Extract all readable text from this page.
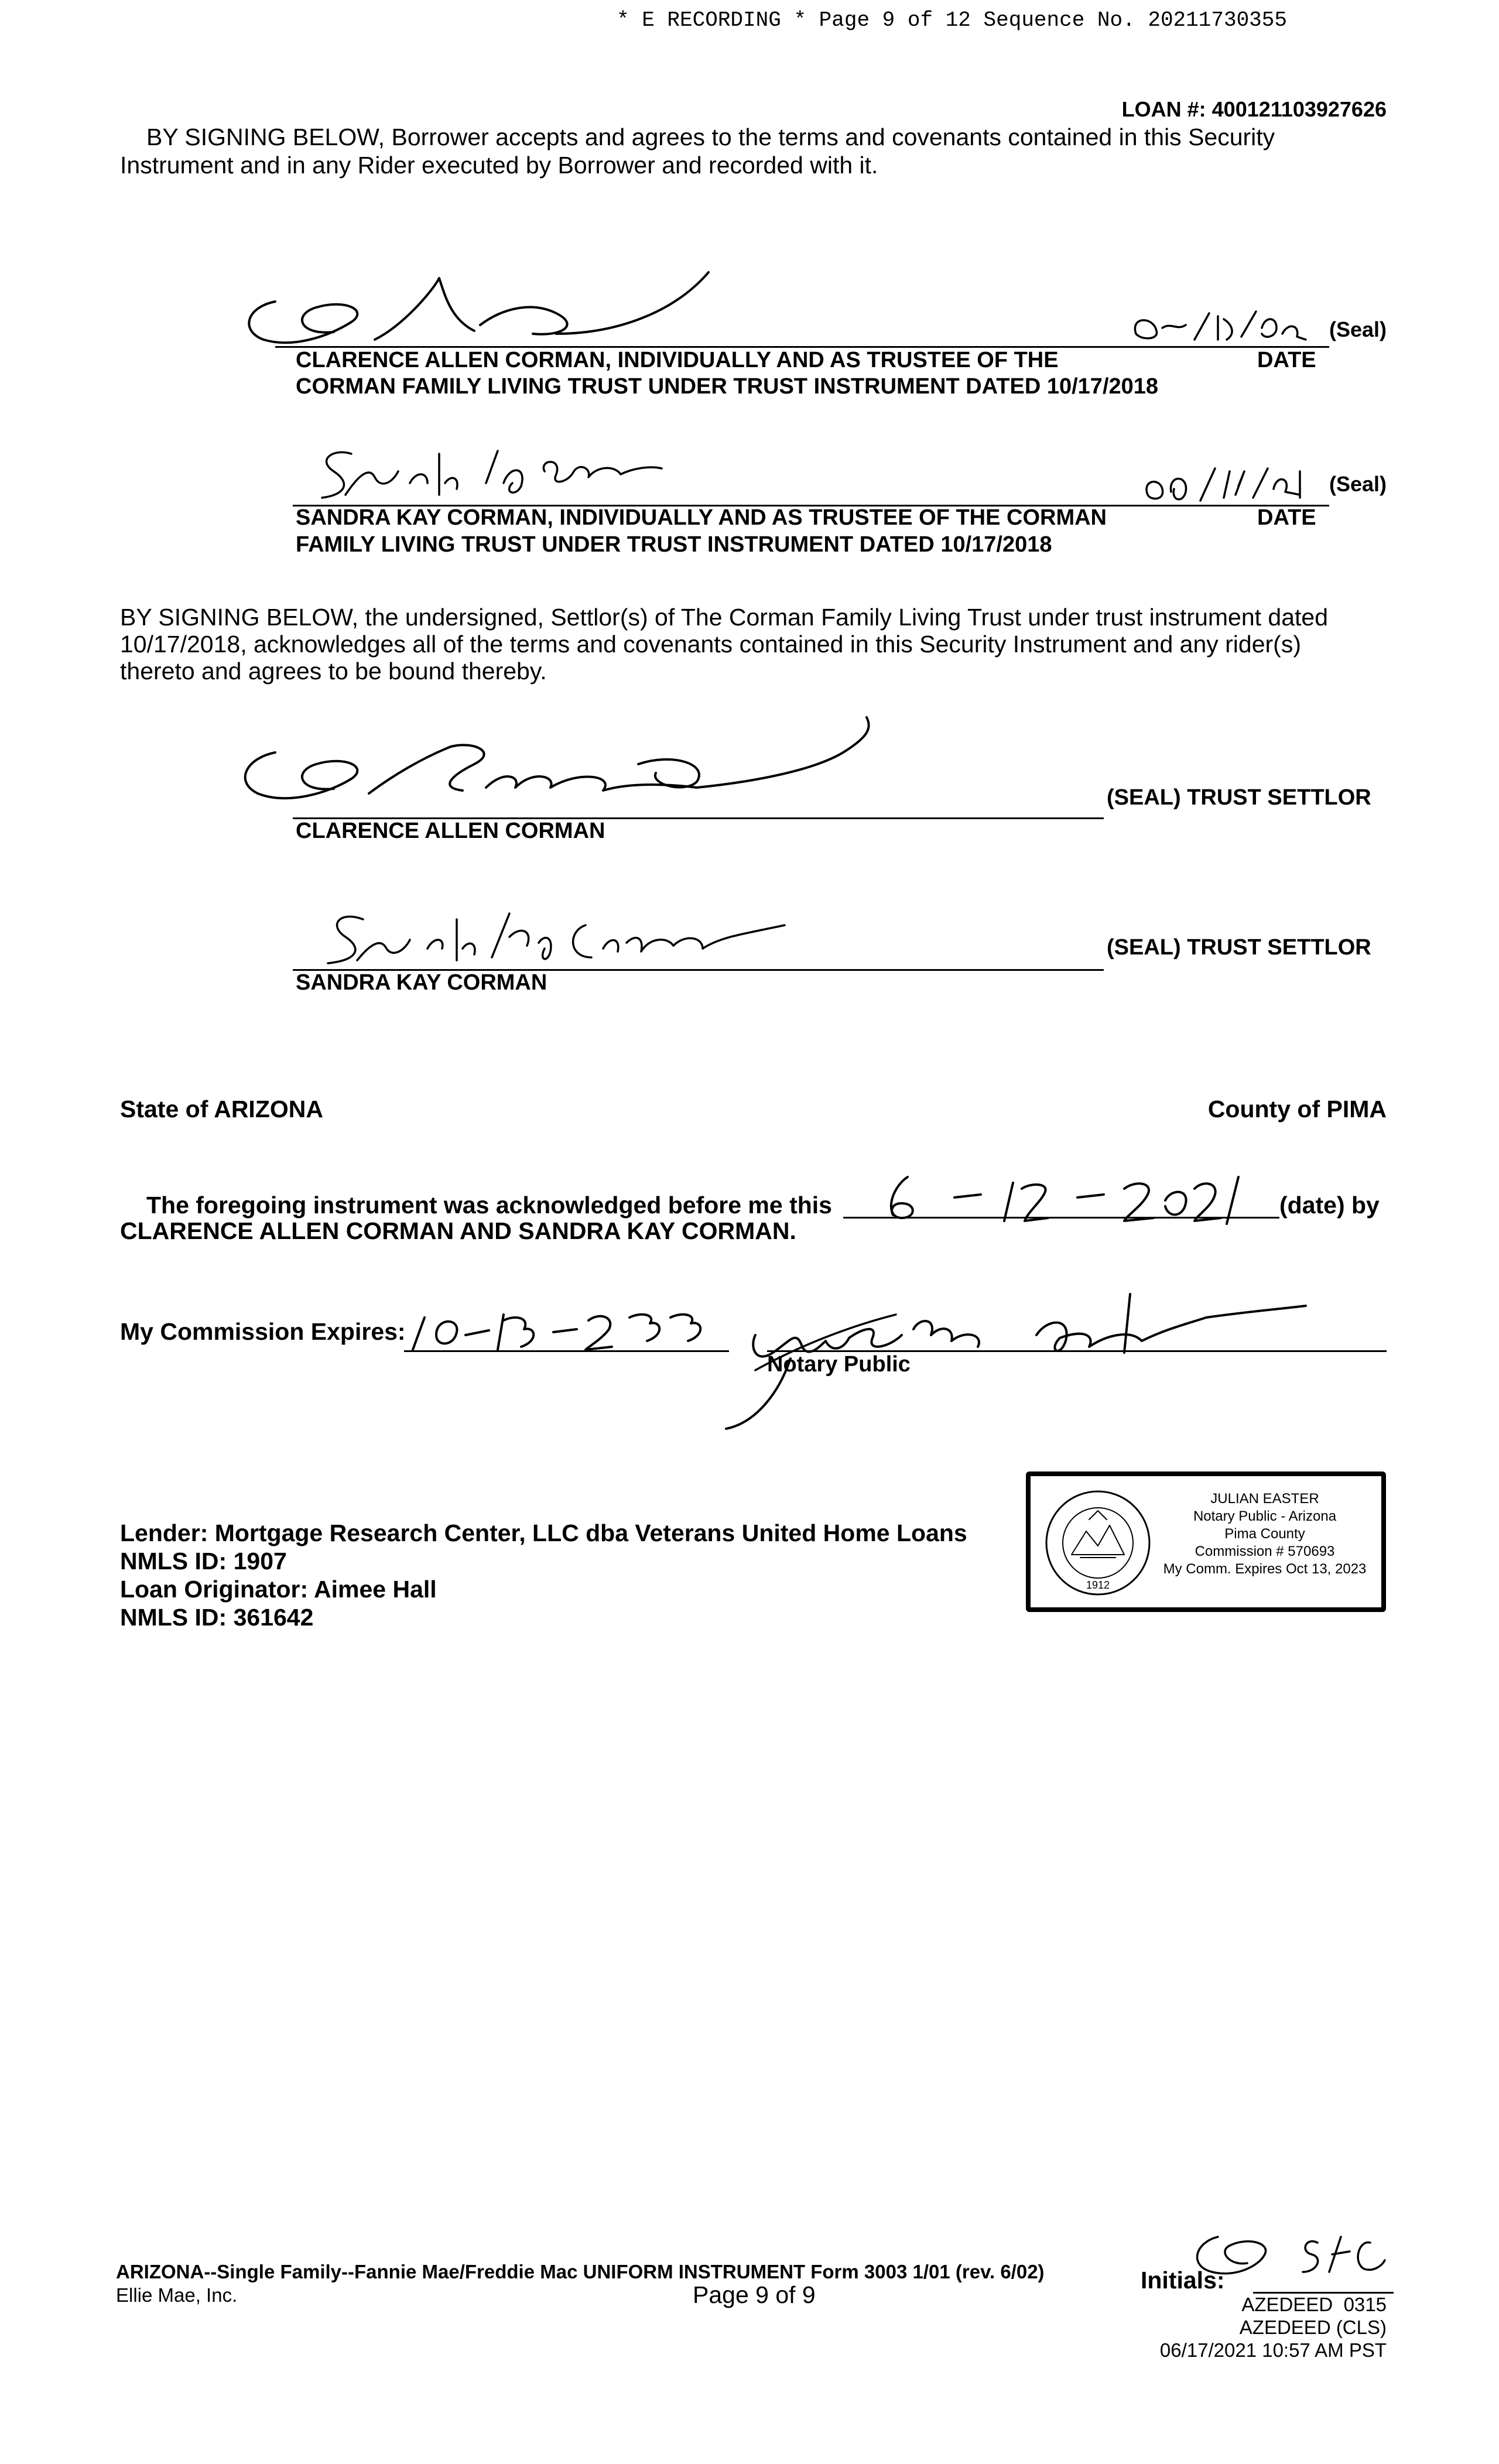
* E RECORDING * Page 9 of 12 Sequence No. 20211730355
LOAN #: 400121103927626
BY SIGNING BELOW, Borrower accepts and agrees to the terms and covenants contained in this Security
Instrument and in any Rider executed by Borrower and recorded with it.
(Seal)
CLARENCE ALLEN CORMAN, INDIVIDUALLY AND AS TRUSTEE OF THE	DATE
CORMAN FAMILY LIVING TRUST UNDER TRUST INSTRUMENT DATED 10/17/2018
(Seal)
SANDRA KAY CORMAN, INDIVIDUALLY AND AS TRUSTEE OF THE CORMAN	DATE
FAMILY LIVING TRUST UNDER TRUST INSTRUMENT DATED 10/17/2018
BY SIGNING BELOW, the undersigned, Settlor(s) of The Corman Family Living Trust under trust instrument dated
10/17/2018, acknowledges all of the terms and covenants contained in this Security Instrument and any rider(s)
thereto and agrees to be bound thereby.
(SEAL) TRUST SETTLOR
CLARENCE ALLEN CORMAN
(SEAL) TRUST SETTLOR
SANDRA KAY CORMAN
State of ARIZONA	County of PIMA
The foregoing instrument was acknowledged before me this	(date) by
CLARENCE ALLEN CORMAN AND SANDRA KAY CORMAN.
My Commission Expires:
Notary Public
1912
JULIAN EASTER
Notary Public - Arizona
Pima County
Commission # 570693
My Comm. Expires Oct 13, 2023
Lender: Mortgage Research Center, LLC dba Veterans United Home Loans
NMLS ID: 1907
Loan Originator: Aimee Hall
NMLS ID: 361642
ARIZONA--Single Family--Fannie Mae/Freddie Mac UNIFORM INSTRUMENT Form 3003 1/01 (rev. 6/02)
Ellie Mae, Inc.	Page 9 of 9
Initials:
AZEDEED  0315
AZEDEED (CLS)
06/17/2021 10:57 AM PST
